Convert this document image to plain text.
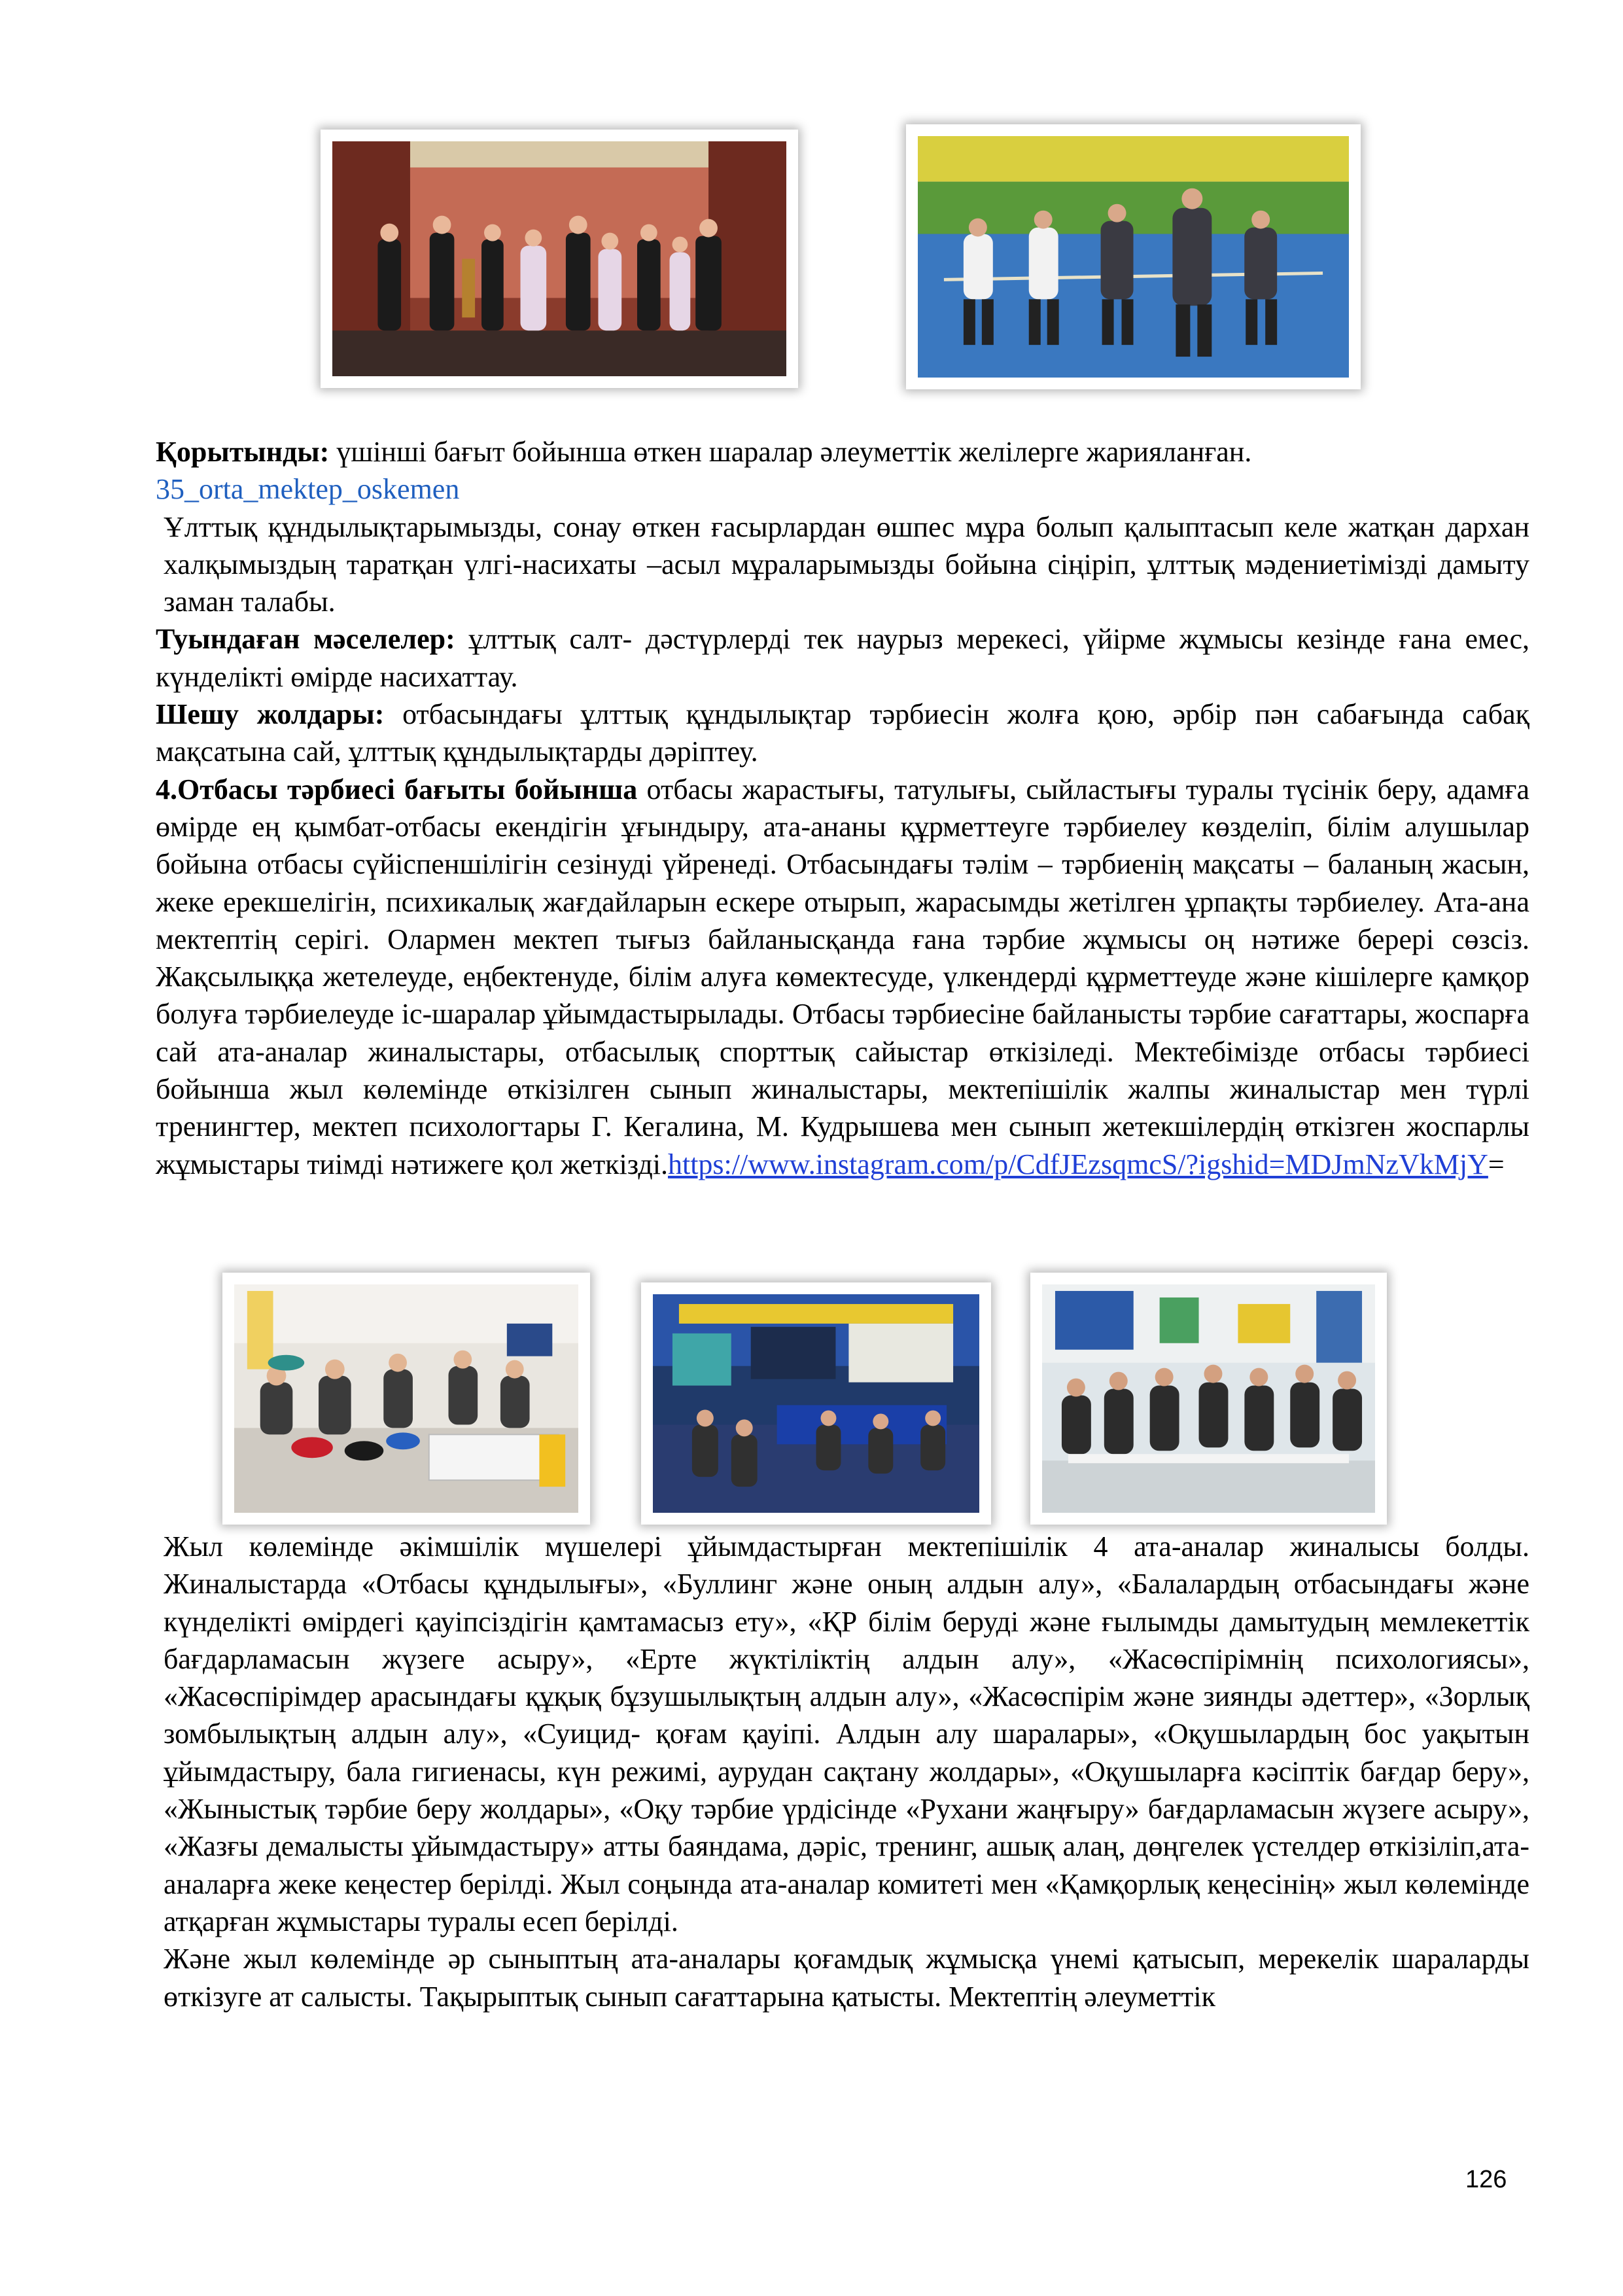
Қорытынды: үшінші бағыт бойынша өткен шаралар әлеуметтік желілерге жарияланған.
35_orta_mektep_oskemen

Ұлттық құндылықтарымызды, сонау өткен ғасырлардан өшпес мұра болып қалыптасып келе жатқан дархан халқымыздың таратқан үлгі-насихаты –асыл мұраларымызды бойына сіңіріп, ұлттық мәдениетімізді дамыту заман талабы.

Туындаған мәселелер: ұлттық салт- дәстүрлерді тек наурыз мерекесі, үйірме жұмысы кезінде ғана емес, күнделікті өмірде насихаттау.

Шешу жолдары: отбасындағы ұлттық құндылықтар тәрбиесін жолға қою, әрбір пән сабағында сабақ мақсатына сай, ұлттық құндылықтарды дәріптеу.

4.Отбасы тәрбиесі бағыты бойынша отбасы жарастығы, татулығы, сыйластығы туралы түсінік беру, адамға өмірде ең қымбат-отбасы екендігін ұғындыру, ата-ананы құрметтеуге тәрбиелеу көзделіп, білім алушылар бойына отбасы сүйіспеншілігін сезінуді үйренеді. Отбасындағы тәлім – тәрбиенің мақсаты – баланың жасын, жеке ерекшелігін, психикалық жағдайларын ескере отырып, жарасымды жетілген ұрпақты тәрбиелеу. Ата-ана мектептің серігі. Олармен мектеп тығыз байланысқанда ғана тәрбие жұмысы оң нәтиже берері сөзсіз. Жақсылыққа жетелеуде, еңбектенуде, білім алуға көмектесуде, үлкендерді құрметтеуде және кішілерге қамқор болуға тәрбиелеуде іс-шаралар ұйымдастырылады. Отбасы тәрбиесіне байланысты тәрбие сағаттары, жоспарға сай ата-аналар жиналыстары, отбасылық спорттық сайыстар өткізіледі. Мектебімізде отбасы тәрбиесі бойынша жыл көлемінде өткізілген сынып жиналыстары, мектепішілік жалпы жиналыстар мен түрлі тренингтер, мектеп психологтары Г. Кегалина, М. Кудрышева мен сынып жетекшілердің өткізген жоспарлы жұмыстары тиімді нәтижеге қол жеткізді.https://www.instagram.com/p/CdfJEzsqmcS/?igshid=MDJmNzVkMjY=

Жыл көлемінде әкімшілік мүшелері ұйымдастырған мектепішілік 4 ата-аналар жиналысы болды. Жиналыстарда «Отбасы құндылығы», «Буллинг және оның алдын алу», «Балалардың отбасындағы және күнделікті өмірдегі қауіпсіздігін қамтамасыз ету», «ҚР білім беруді және ғылымды дамытудың мемлекеттік бағдарламасын жүзеге асыру», «Ерте жүктіліктің алдын алу», «Жасөспірімнің психологиясы», «Жасөспірімдер арасындағы құқық бұзушылықтың алдын алу», «Жасөспірім және зиянды әдеттер», «Зорлық зомбылықтың алдын алу», «Суицид- қоғам қауіпі. Алдын алу шаралары», «Оқушылардың бос уақытын ұйымдастыру, бала гигиенасы, күн режимі, аурудан сақтану жолдары», «Оқушыларға кәсіптік бағдар беру», «Жыныстық тәрбие беру жолдары», «Оқу тәрбие үрдісінде «Рухани жаңғыру» бағдарламасын жүзеге асыру», «Жазғы демалысты ұйымдастыру» атты баяндама, дәріс, тренинг, ашық алаң, дөңгелек үстелдер өткізіліп,ата-аналарға жеке кеңестер берілді. Жыл соңында ата-аналар комитеті мен «Қамқорлық кеңесінің» жыл көлемінде атқарған жұмыстары туралы есеп берілді.

Және жыл көлемінде әр сыныптың ата-аналары қоғамдық жұмысқа үнемі қатысып, мерекелік шараларды өткізуге ат салысты. Тақырыптық сынып сағаттарына қатысты. Мектептің әлеуметтік

126
